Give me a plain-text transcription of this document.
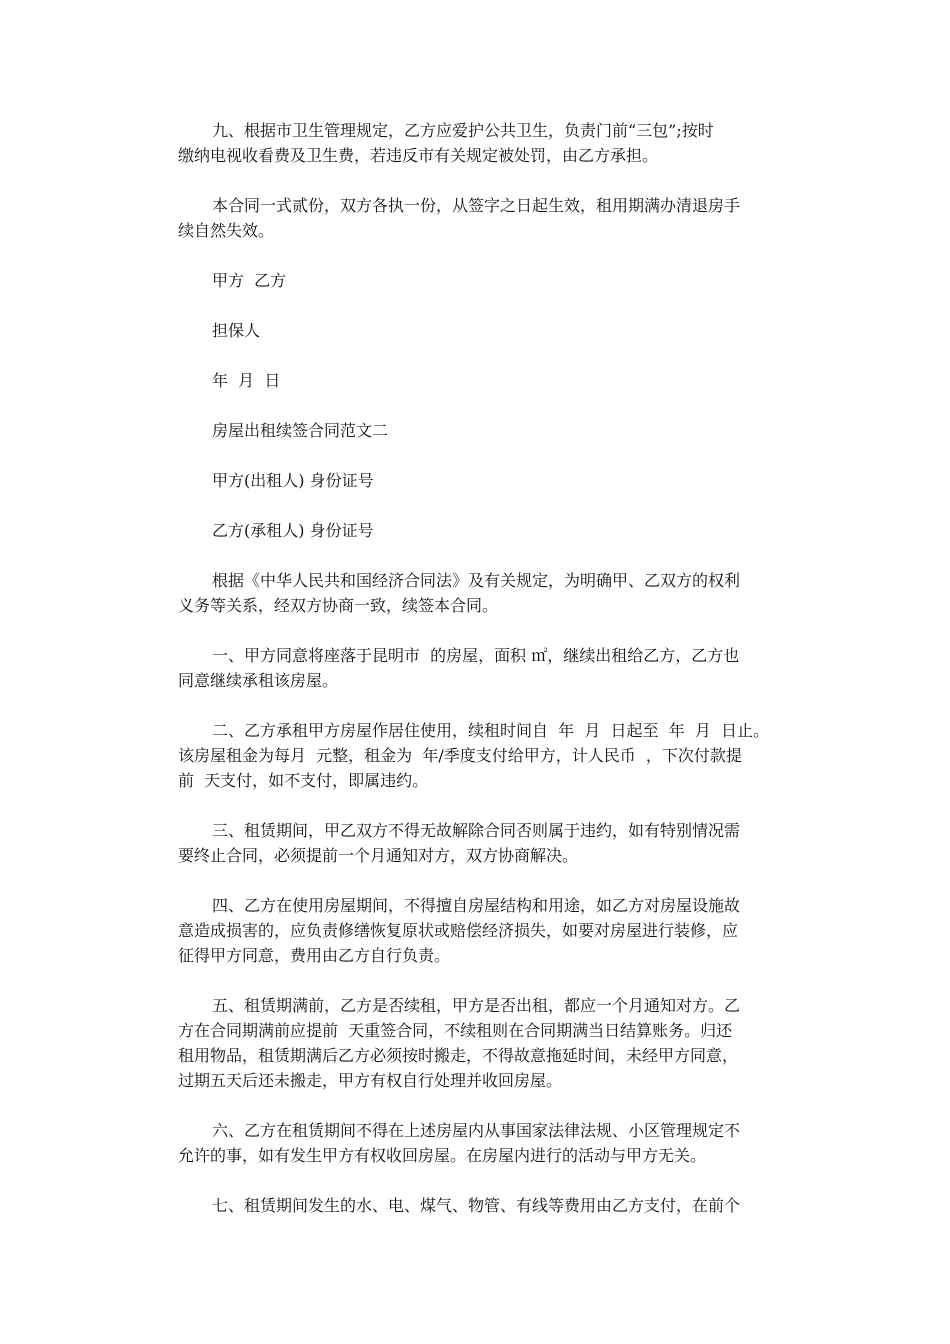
九、根据市卫生管理规定，乙方应爱护公共卫生，负责门前“三包”;按时
缴纳电视收看费及卫生费，若违反市有关规定被处罚，由乙方承担。

本合同一式贰份，双方各执一份，从签字之日起生效，租用期满办清退房手
续自然失效。

甲方  乙方

担保人

年  月  日

房屋出租续签合同范文二

甲方(出租人) 身份证号

乙方(承租人) 身份证号

根据《中华人民共和国经济合同法》及有关规定，为明确甲、乙双方的权利
义务等关系，经双方协商一致，续签本合同。

一、甲方同意将座落于昆明市  的房屋，面积 ㎡，继续出租给乙方，乙方也
同意继续承租该房屋。

二、乙方承租甲方房屋作居住使用，续租时间自  年  月  日起至  年  月  日止。
该房屋租金为每月  元整，租金为  年/季度支付给甲方，计人民币  ，下次付款提
前  天支付，如不支付，即属违约。

三、租赁期间，甲乙双方不得无故解除合同否则属于违约，如有特别情况需
要终止合同，必须提前一个月通知对方，双方协商解决。

四、乙方在使用房屋期间，不得擅自房屋结构和用途，如乙方对房屋设施故
意造成损害的，应负责修缮恢复原状或赔偿经济损失，如要对房屋进行装修，应
征得甲方同意，费用由乙方自行负责。

五、租赁期满前，乙方是否续租，甲方是否出租，都应一个月通知对方。乙
方在合同期满前应提前  天重签合同，不续租则在合同期满当日结算账务。归还
租用物品，租赁期满后乙方必须按时搬走，不得故意拖延时间，未经甲方同意，
过期五天后还未搬走，甲方有权自行处理并收回房屋。

六、乙方在租赁期间不得在上述房屋内从事国家法律法规、小区管理规定不
允许的事，如有发生甲方有权收回房屋。在房屋内进行的活动与甲方无关。

七、租赁期间发生的水、电、煤气、物管、有线等费用由乙方支付，在前个
